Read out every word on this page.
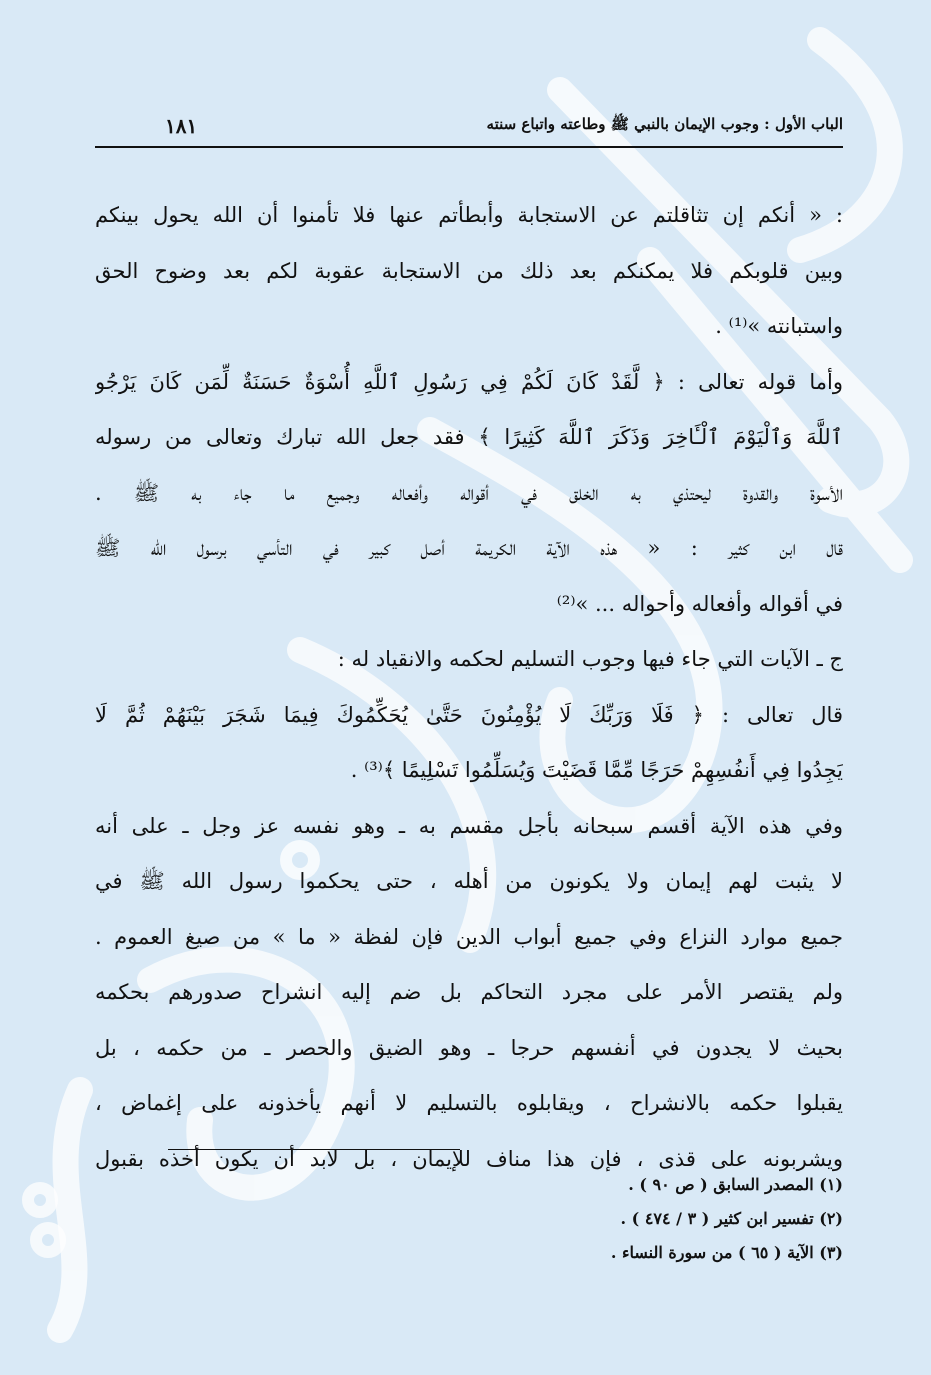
الباب الأول : وجوب الإيمان بالنبي ﷺ وطاعته واتباع سنته
١٨١
: « أنكم إن تثاقلتم عن الاستجابة وأبطأتم عنها فلا تأمنوا أن الله يحول بينكم
وبين قلوبكم فلا يمكنكم بعد ذلك من الاستجابة عقوبة لكم بعد وضوح الحق
واستبانته »⁽¹⁾ .
وأما قوله تعالى : ﴿ لَّقَدْ كَانَ لَكُمْ فِي رَسُولِ ٱللَّهِ أُسْوَةٌ حَسَنَةٌ لِّمَن كَانَ يَرْجُو
ٱللَّهَ وَٱلْيَوْمَ ٱلْـَٔاخِرَ وَذَكَرَ ٱللَّهَ كَثِيرًا ﴾ فقد جعل الله تبارك وتعالى من رسوله
الأسوة والقدوة ليحتذي به الخلق في أقواله وأفعاله وجميع ما جاء به ﷺ .
قال ابن كثير : « هذه الآية الكريمة أصل كبير في التأسي برسول الله ﷺ
في أقواله وأفعاله وأحواله ... »⁽²⁾
ج ـ الآيات التي جاء فيها وجوب التسليم لحكمه والانقياد له :
قال تعالى : ﴿ فَلَا وَرَبِّكَ لَا يُؤْمِنُونَ حَتَّىٰ يُحَكِّمُوكَ فِيمَا شَجَرَ بَيْنَهُمْ ثُمَّ لَا
يَجِدُوا فِي أَنفُسِهِمْ حَرَجًا مِّمَّا قَضَيْتَ وَيُسَلِّمُوا تَسْلِيمًا ﴾⁽³⁾ .
وفي هذه الآية أقسم سبحانه بأجل مقسم به ـ وهو نفسه عز وجل ـ على أنه
لا يثبت لهم إيمان ولا يكونون من أهله ، حتى يحكموا رسول الله ﷺ في
جميع موارد النزاع وفي جميع أبواب الدين فإن لفظة « ما » من صيغ العموم .
ولم يقتصر الأمر على مجرد التحاكم بل ضم إليه انشراح صدورهم بحكمه
بحيث لا يجدون في أنفسهم حرجا ـ وهو الضيق والحصر ـ من حكمه ، بل
يقبلوا حكمه بالانشراح ، ويقابلوه بالتسليم لا أنهم يأخذونه على إغماض ،
ويشربونه على قذى ، فإن هذا مناف للإيمان ، بل لابد أن يكون أخذه بقبول
(١) المصدر السابق ( ص ٩٠ ) .
(٢) تفسير ابن كثير ( ٣ / ٤٧٤ ) .
(٣) الآية ( ٦٥ ) من سورة النساء .
